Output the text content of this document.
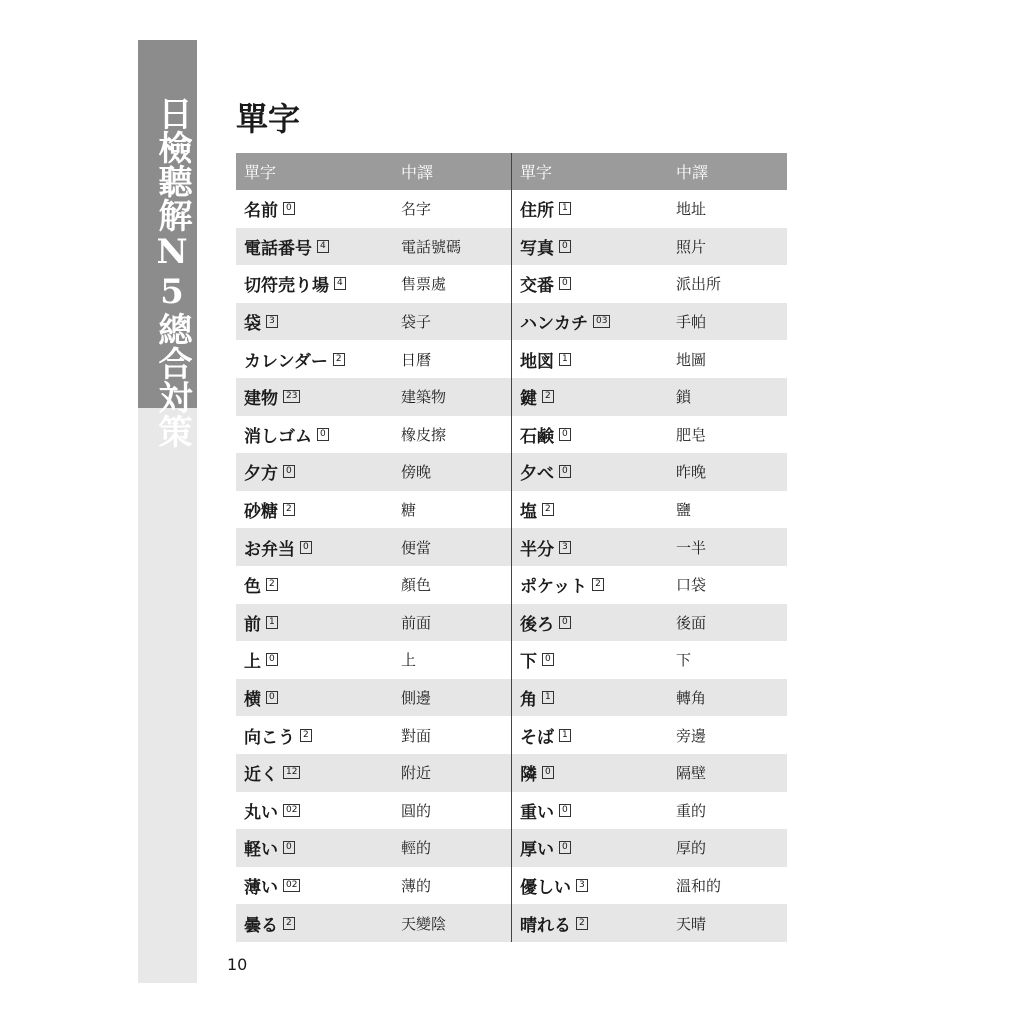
日檢聽解N5總合対策 單字
單字	中譯	單字	中譯
名前 0	名字	住所 1	地址
電話番号 4	電話號碼	写真 0	照片
切符売り場 4	售票處	交番 0	派出所
袋 3	袋子	ハンカチ 03	手帕
カレンダー 2	日曆	地図 1	地圖
建物 23	建築物	鍵 2	鎖
消しゴム 0	橡皮擦	石鹸 0	肥皂
夕方 0	傍晚	夕べ 0	昨晚
砂糖 2	糖	塩 2	鹽
お弁当 0	便當	半分 3	一半
色 2	顏色	ポケット 2	口袋
前 1	前面	後ろ 0	後面
上 0	上	下 0	下
横 0	側邊	角 1	轉角
向こう 2	對面	そば 1	旁邊
近く 12	附近	隣 0	隔壁
丸い 02	圓的	重い 0	重的
軽い 0	輕的	厚い 0	厚的
薄い 02	薄的	優しい 3	溫和的
曇る 2	天變陰	晴れる 2	天晴
10
